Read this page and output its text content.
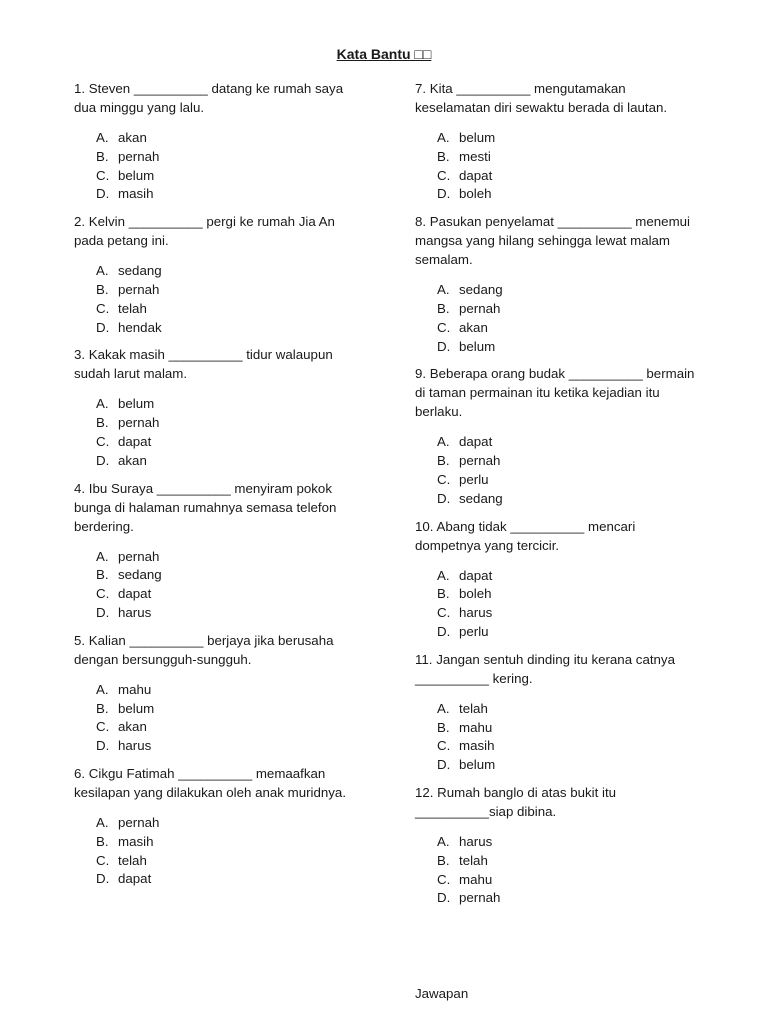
Kata Bantu □□

1. Steven __________ datang ke rumah saya
dua minggu yang lalu.

A. akan
B. pernah
C. belum
D. masih

2. Kelvin __________ pergi ke rumah Jia An
pada petang ini.

A. sedang
B. pernah
C. telah
D. hendak

3. Kakak masih __________ tidur walaupun
sudah larut malam.

A. belum
B. pernah
C. dapat
D. akan

4. Ibu Suraya __________ menyiram pokok
bunga di halaman rumahnya semasa telefon
berdering.

A. pernah
B. sedang
C. dapat
D. harus

5. Kalian __________ berjaya jika berusaha
dengan bersungguh-sungguh.

A. mahu
B. belum
C. akan
D. harus

6. Cikgu Fatimah __________ memaafkan
kesilapan yang dilakukan oleh anak muridnya.

A. pernah
B. masih
C. telah
D. dapat

7. Kita __________ mengutamakan
keselamatan diri sewaktu berada di lautan.

A. belum
B. mesti
C. dapat
D. boleh

8. Pasukan penyelamat __________ menemui
mangsa yang hilang sehingga lewat malam
semalam.

A. sedang
B. pernah
C. akan
D. belum

9. Beberapa orang budak __________ bermain
di taman permainan itu ketika kejadian itu
berlaku.

A. dapat
B. pernah
C. perlu
D. sedang

10. Abang tidak __________ mencari
dompetnya yang tercicir.

A. dapat
B. boleh
C. harus
D. perlu

11. Jangan sentuh dinding itu kerana catnya
__________ kering.

A. telah
B. mahu
C. masih
D. belum

12. Rumah banglo di atas bukit itu
__________siap dibina.

A. harus
B. telah
C. mahu
D. pernah
Jawapan
